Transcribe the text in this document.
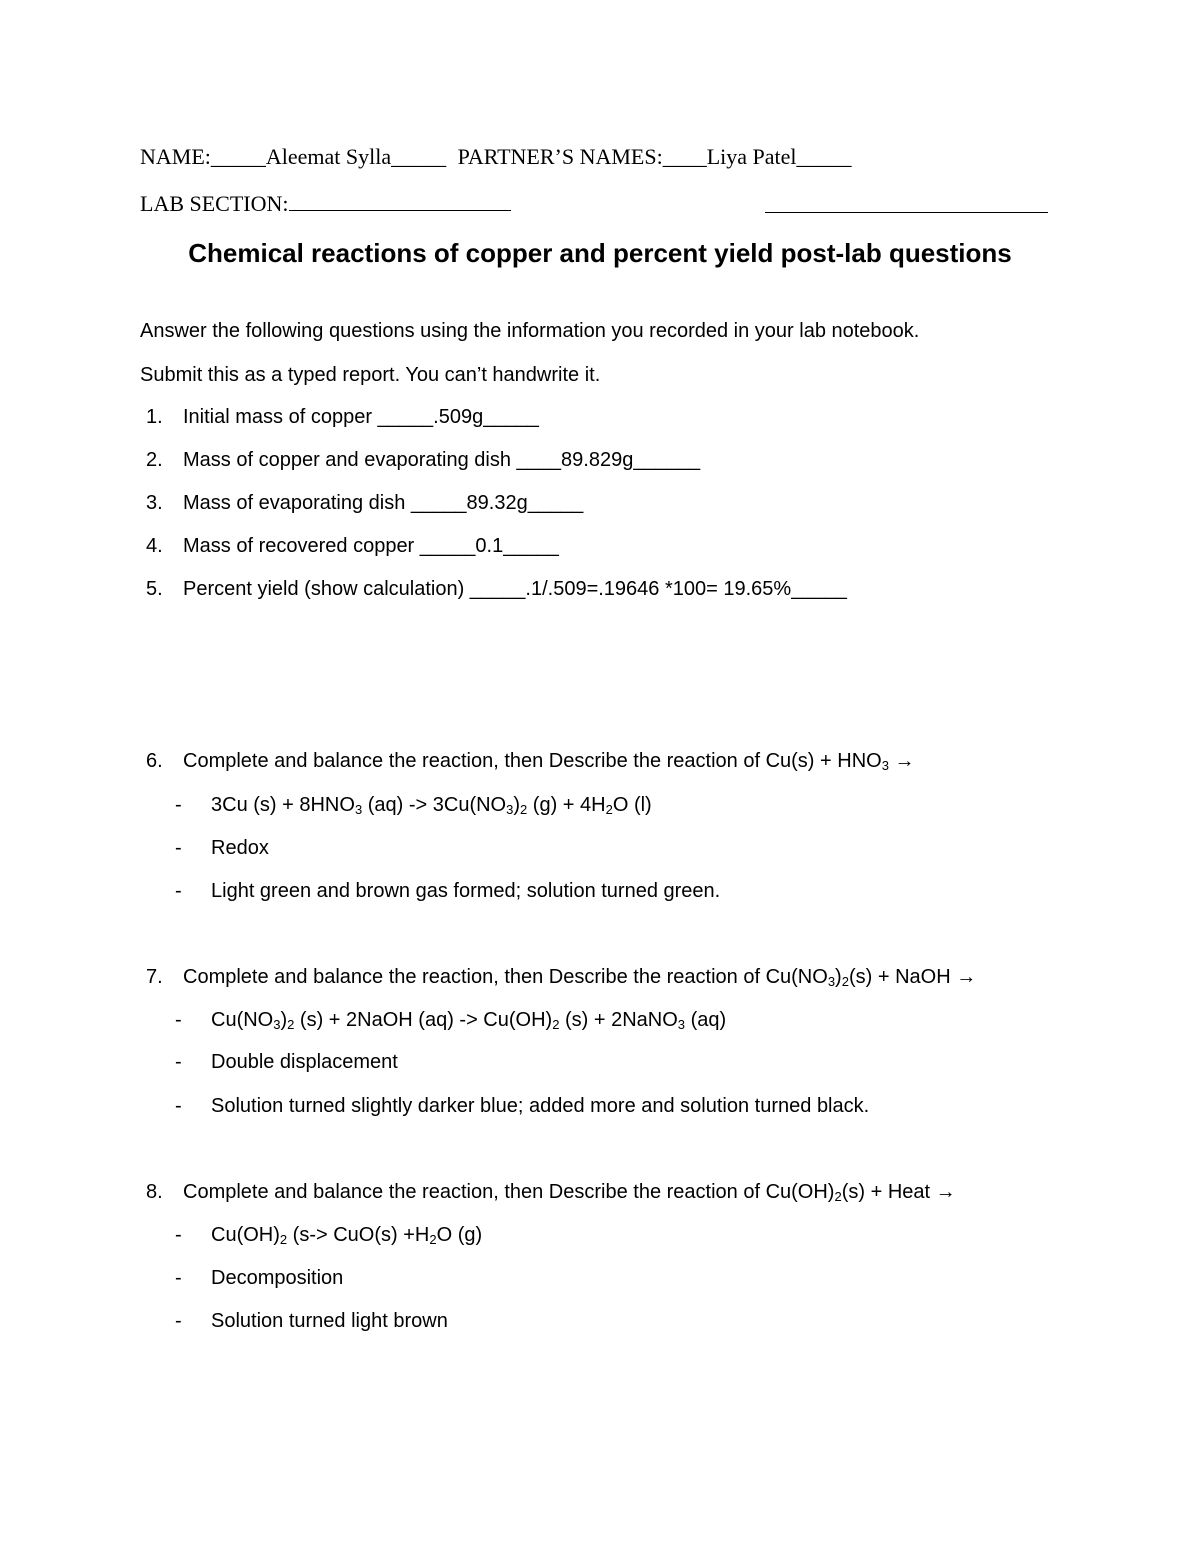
NAME:_____Aleemat Sylla_____ PARTNER’S NAMES:____Liya Patel_____
LAB SECTION:
Chemical reactions of copper and percent yield post-lab questions
Answer the following questions using the information you recorded in your lab notebook.
Submit this as a typed report. You can’t handwrite it.
1.	Initial mass of copper _____.509g_____
2.	Mass of copper and evaporating dish ____89.829g______
3.	Mass of evaporating dish _____89.32g_____
4.	Mass of recovered copper _____0.1_____
5.	Percent yield (show calculation) _____.1/.509=.19646 *100= 19.65%_____
6.	Complete and balance the reaction, then Describe the reaction of $Cu(s) + HNO_3$ →
- 3Cu $(s) + 8HNO_3$ $(aq) -> 3Cu(NO_3)_2$ $(g) + 4H_2O$ (l)
- Redox
- Light green and brown gas formed; solution turned green.
7.	Complete and balance the reaction, then Describe the reaction of $Cu(NO_3)_2(s)$ + NaOH →
- $Cu(NO_3)_2$ (s) + 2NaOH $(aq) -> Cu(OH)_2$ (s) + 2NaNO$_3$ (aq)
- Double displacement
- Solution turned slightly darker blue; added more and solution turned black.
8.	Complete and balance the reaction, then Describe the reaction of $Cu(OH)_2(s)$ + Heat →
- $Cu(OH)_2$ ($s-> CuO(s) +H_2O$ (g)
- Decomposition
- Solution turned light brown
